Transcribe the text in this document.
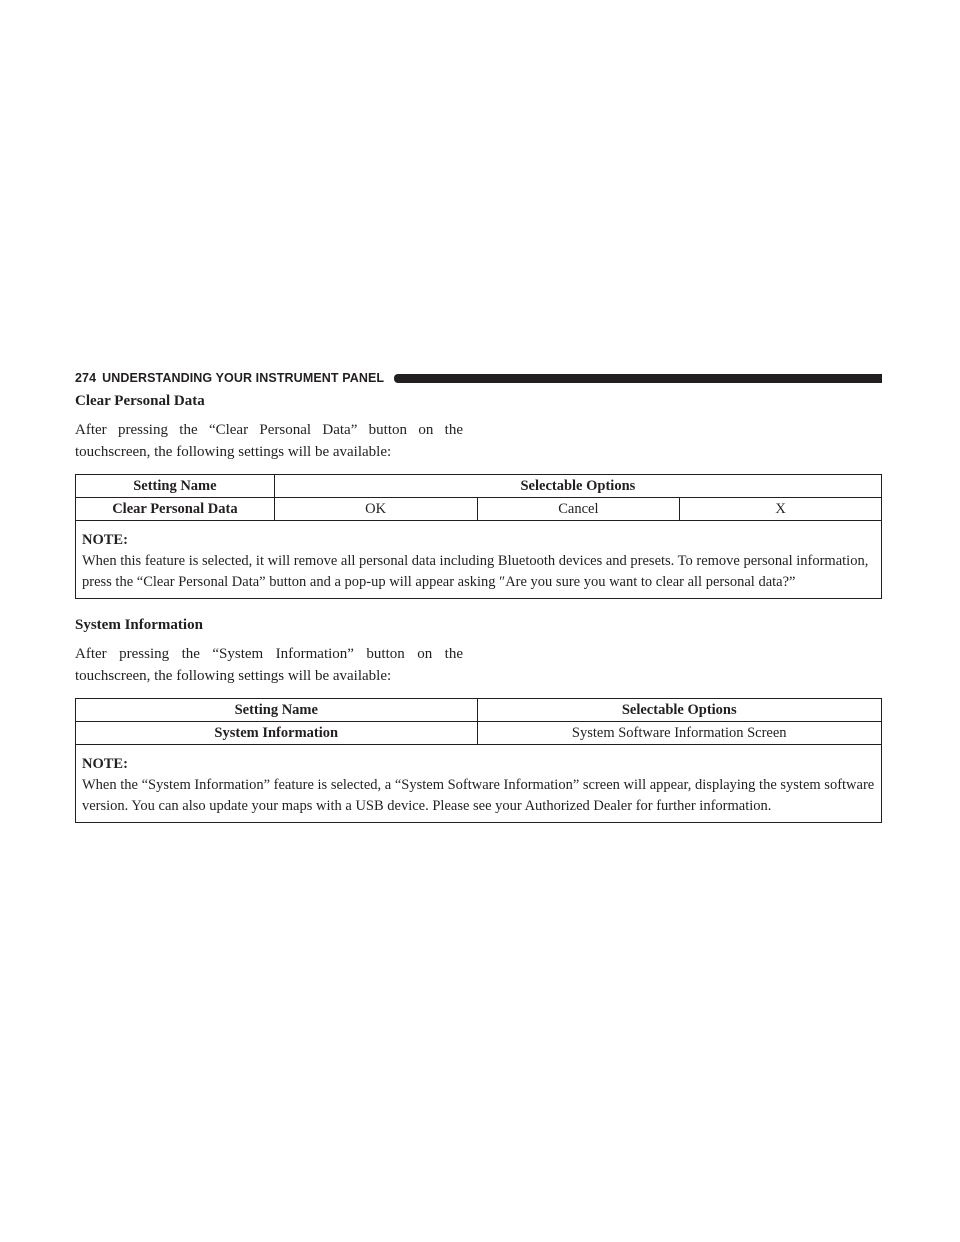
274 UNDERSTANDING YOUR INSTRUMENT PANEL
Clear Personal Data

After pressing the “Clear Personal Data” button on the touchscreen, the following settings will be available:

Setting Name	Selectable Options		
Clear Personal Data	OK	Cancel	X

NOTE:
When this feature is selected, it will remove all personal data including Bluetooth devices and presets. To remove personal information, press the “Clear Personal Data” button and a pop-up will appear asking ″Are you sure you want to clear all personal data?”			
System Information

After pressing the “System Information” button on the touchscreen, the following settings will be available:

Setting Name	Selectable Options
System Information	System Software Information Screen

NOTE:
When the “System Information” feature is selected, a “System Software Information” screen will appear, displaying the system software version. You can also update your maps with a USB device. Please see your Authorized Dealer for further information.	
